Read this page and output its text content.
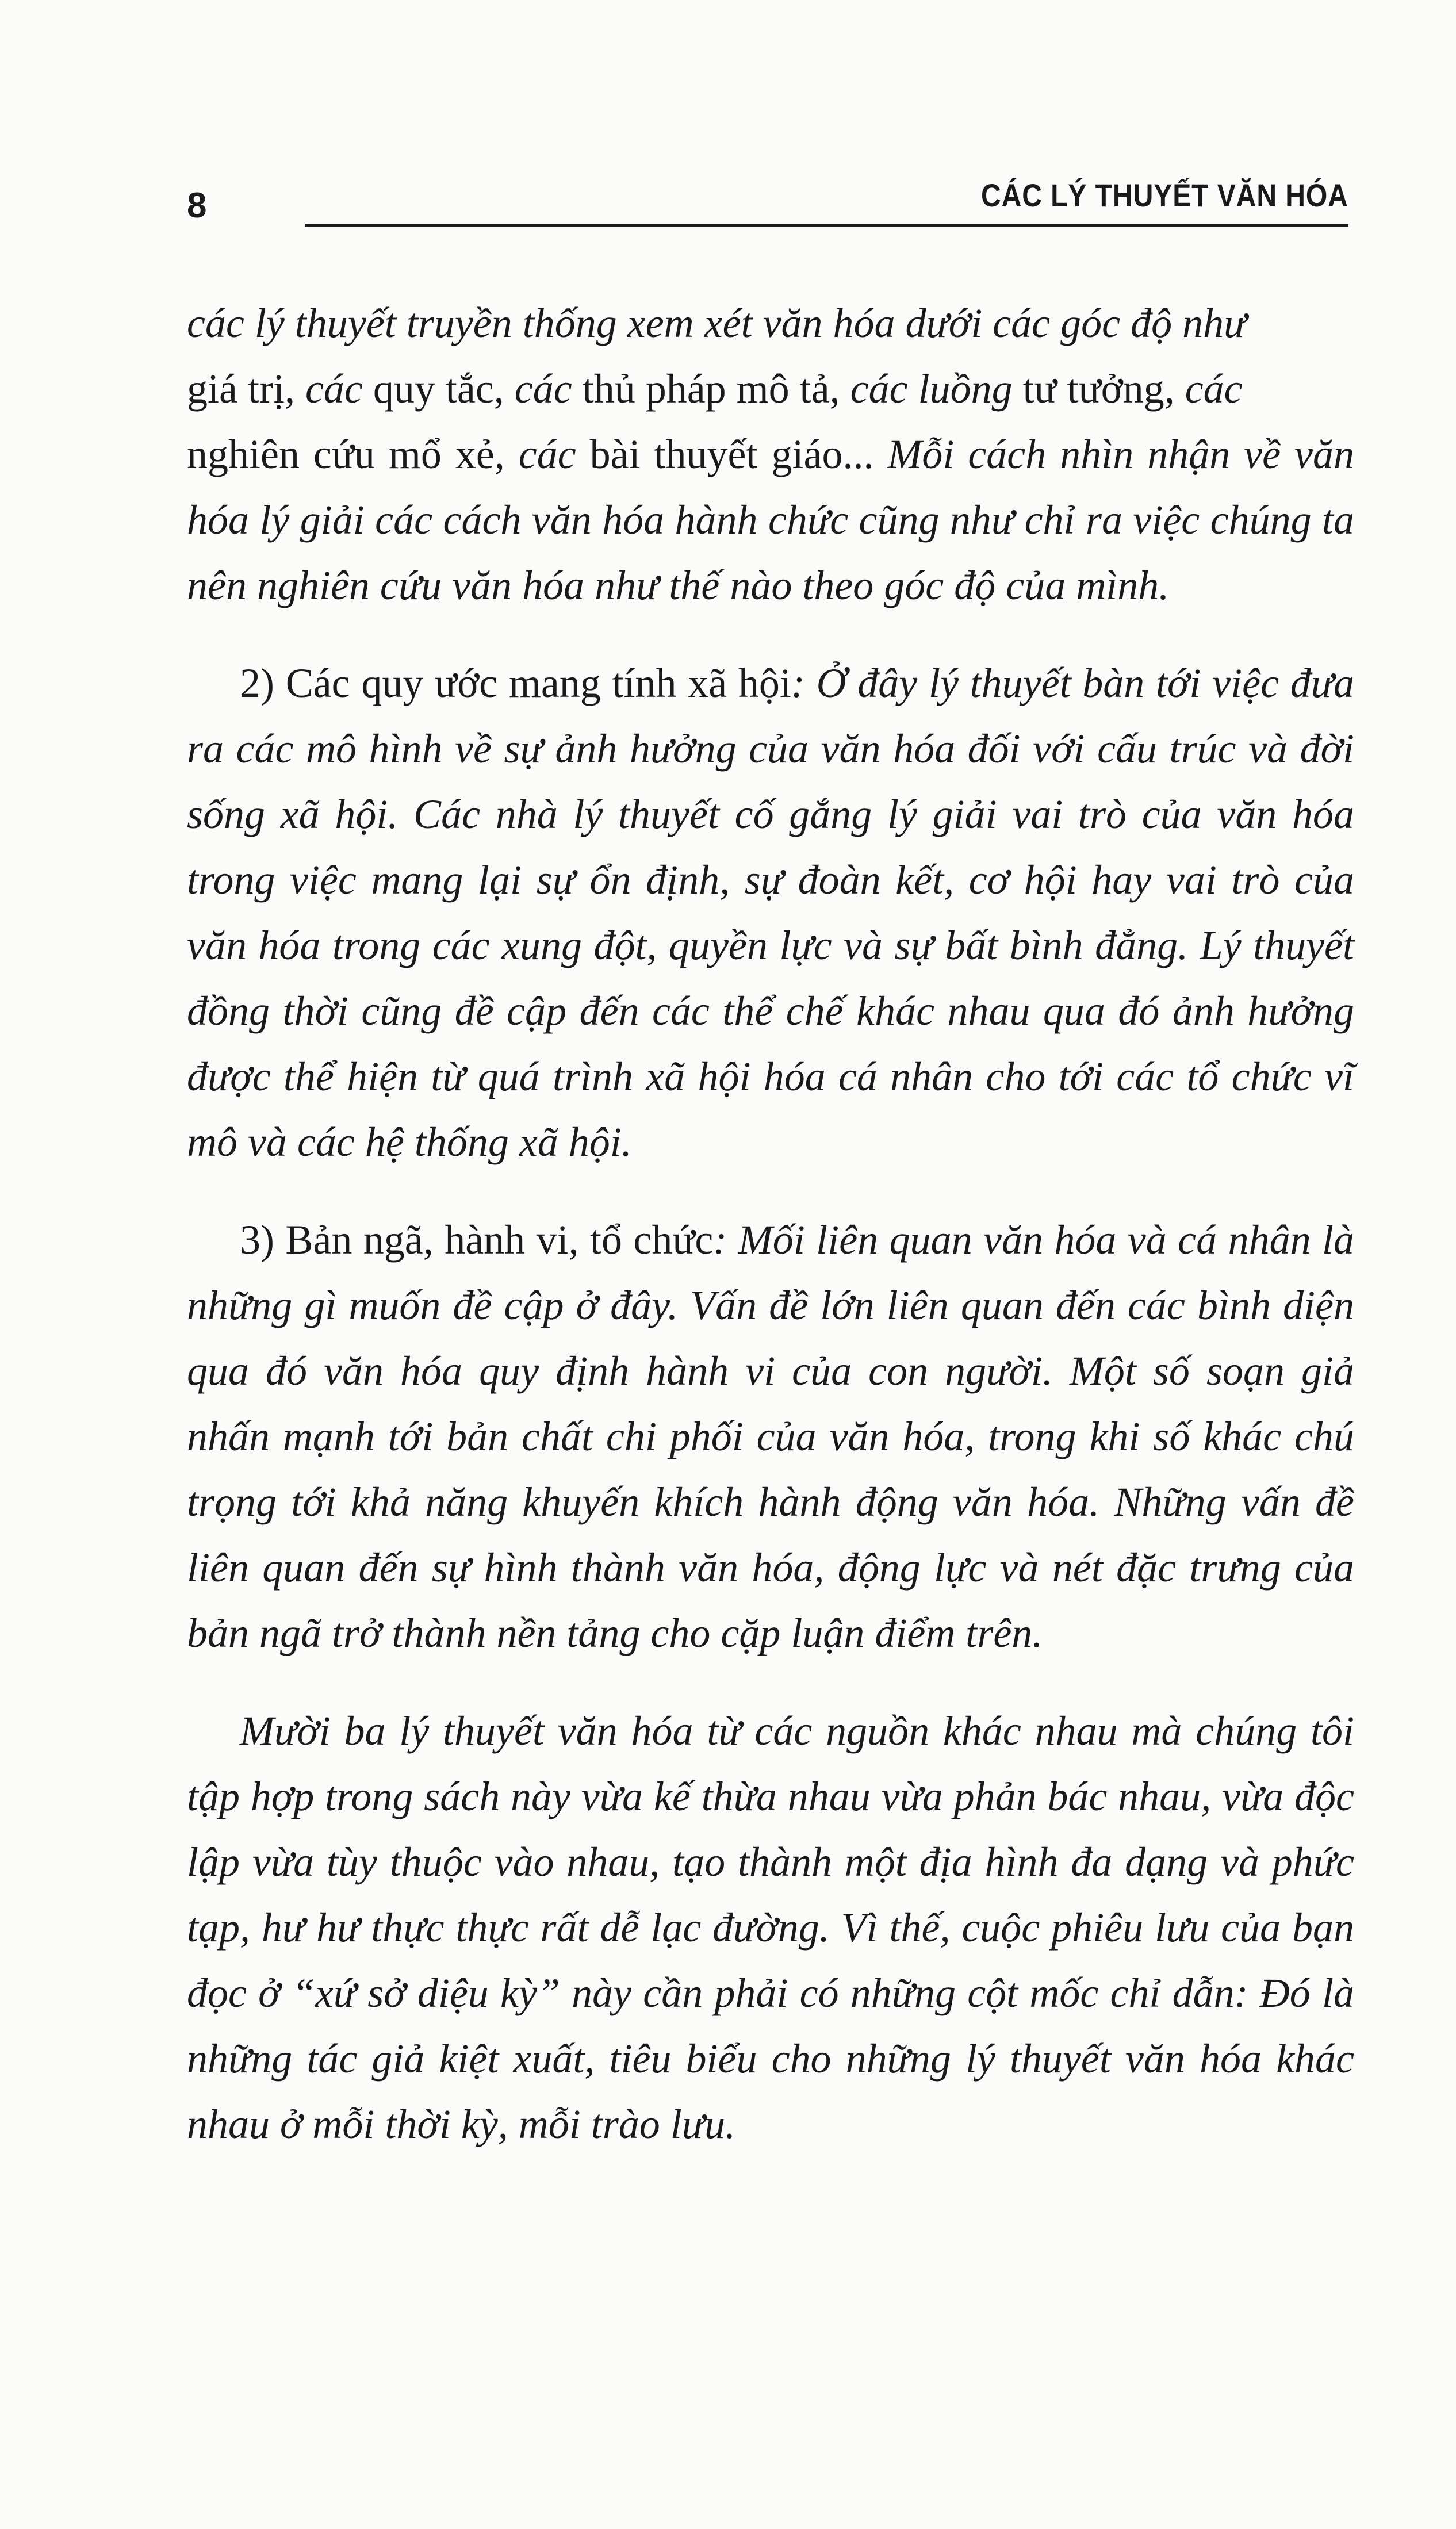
8	CÁC LÝ THUYẾT VĂN HÓA

các lý thuyết truyền thống xem xét văn hóa dưới các góc độ như
giá trị, các quy tắc, các thủ pháp mô tả, các luồng tư tưởng, các
nghiên cứu mổ xẻ, các bài thuyết giáo... Mỗi cách nhìn nhận về văn hóa lý giải các cách văn hóa hành chức cũng như chỉ ra việc chúng ta nên nghiên cứu văn hóa như thế nào theo góc độ của mình.

2) Các quy ước mang tính xã hội: Ở đây lý thuyết bàn tới việc đưa ra các mô hình về sự ảnh hưởng của văn hóa đối với cấu trúc và đời sống xã hội. Các nhà lý thuyết cố gắng lý giải vai trò của văn hóa trong việc mang lại sự ổn định, sự đoàn kết, cơ hội hay vai trò của văn hóa trong các xung đột, quyền lực và sự bất bình đẳng. Lý thuyết đồng thời cũng đề cập đến các thể chế khác nhau qua đó ảnh hưởng được thể hiện từ quá trình xã hội hóa cá nhân cho tới các tổ chức vĩ mô và các hệ thống xã hội.

3) Bản ngã, hành vi, tổ chức: Mối liên quan văn hóa và cá nhân là những gì muốn đề cập ở đây. Vấn đề lớn liên quan đến các bình diện qua đó văn hóa quy định hành vi của con người. Một số soạn giả nhấn mạnh tới bản chất chi phối của văn hóa, trong khi số khác chú trọng tới khả năng khuyến khích hành động văn hóa. Những vấn đề liên quan đến sự hình thành văn hóa, động lực và nét đặc trưng của bản ngã trở thành nền tảng cho cặp luận điểm trên.

Mười ba lý thuyết văn hóa từ các nguồn khác nhau mà chúng tôi tập hợp trong sách này vừa kế thừa nhau vừa phản bác nhau, vừa độc lập vừa tùy thuộc vào nhau, tạo thành một địa hình đa dạng và phức tạp, hư hư thực thực rất dễ lạc đường. Vì thế, cuộc phiêu lưu của bạn đọc ở “xứ sở diệu kỳ” này cần phải có những cột mốc chỉ dẫn: Đó là những tác giả kiệt xuất, tiêu biểu cho những lý thuyết văn hóa khác nhau ở mỗi thời kỳ, mỗi trào lưu.
